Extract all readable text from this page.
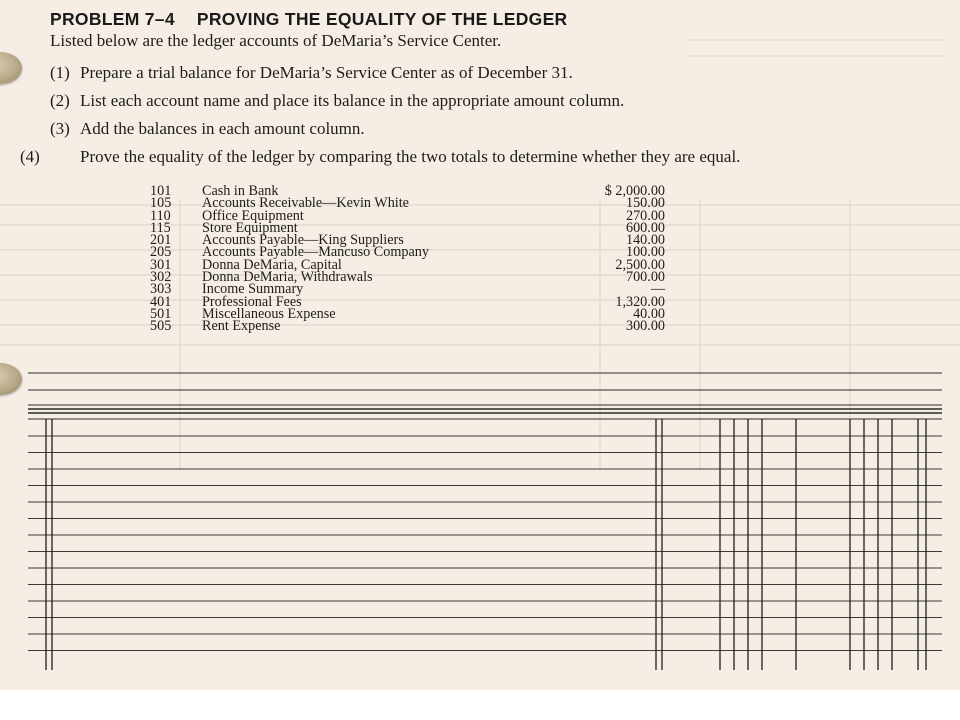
PROBLEM 7–4 PROVING THE EQUALITY OF THE LEDGER
Listed below are the ledger accounts of DeMaria’s Service Center.
(1) Prepare a trial balance for DeMaria’s Service Center as of December 31.
(2) List each account name and place its balance in the appropriate amount column.
(3) Add the balances in each amount column.
(4) Prove the equality of the ledger by comparing the two totals to determine whether they are equal.
101	Cash in Bank	$ 2,000.00
105	Accounts Receivable—Kevin White	150.00
110	Office Equipment	270.00
115	Store Equipment	600.00
201	Accounts Payable—King Suppliers	140.00
205	Accounts Payable—Mancuso Company	100.00
301	Donna DeMaria, Capital	2,500.00
302	Donna DeMaria, Withdrawals	700.00
303	Income Summary	—
401	Professional Fees	1,320.00
501	Miscellaneous Expense	40.00
505	Rent Expense	300.00
